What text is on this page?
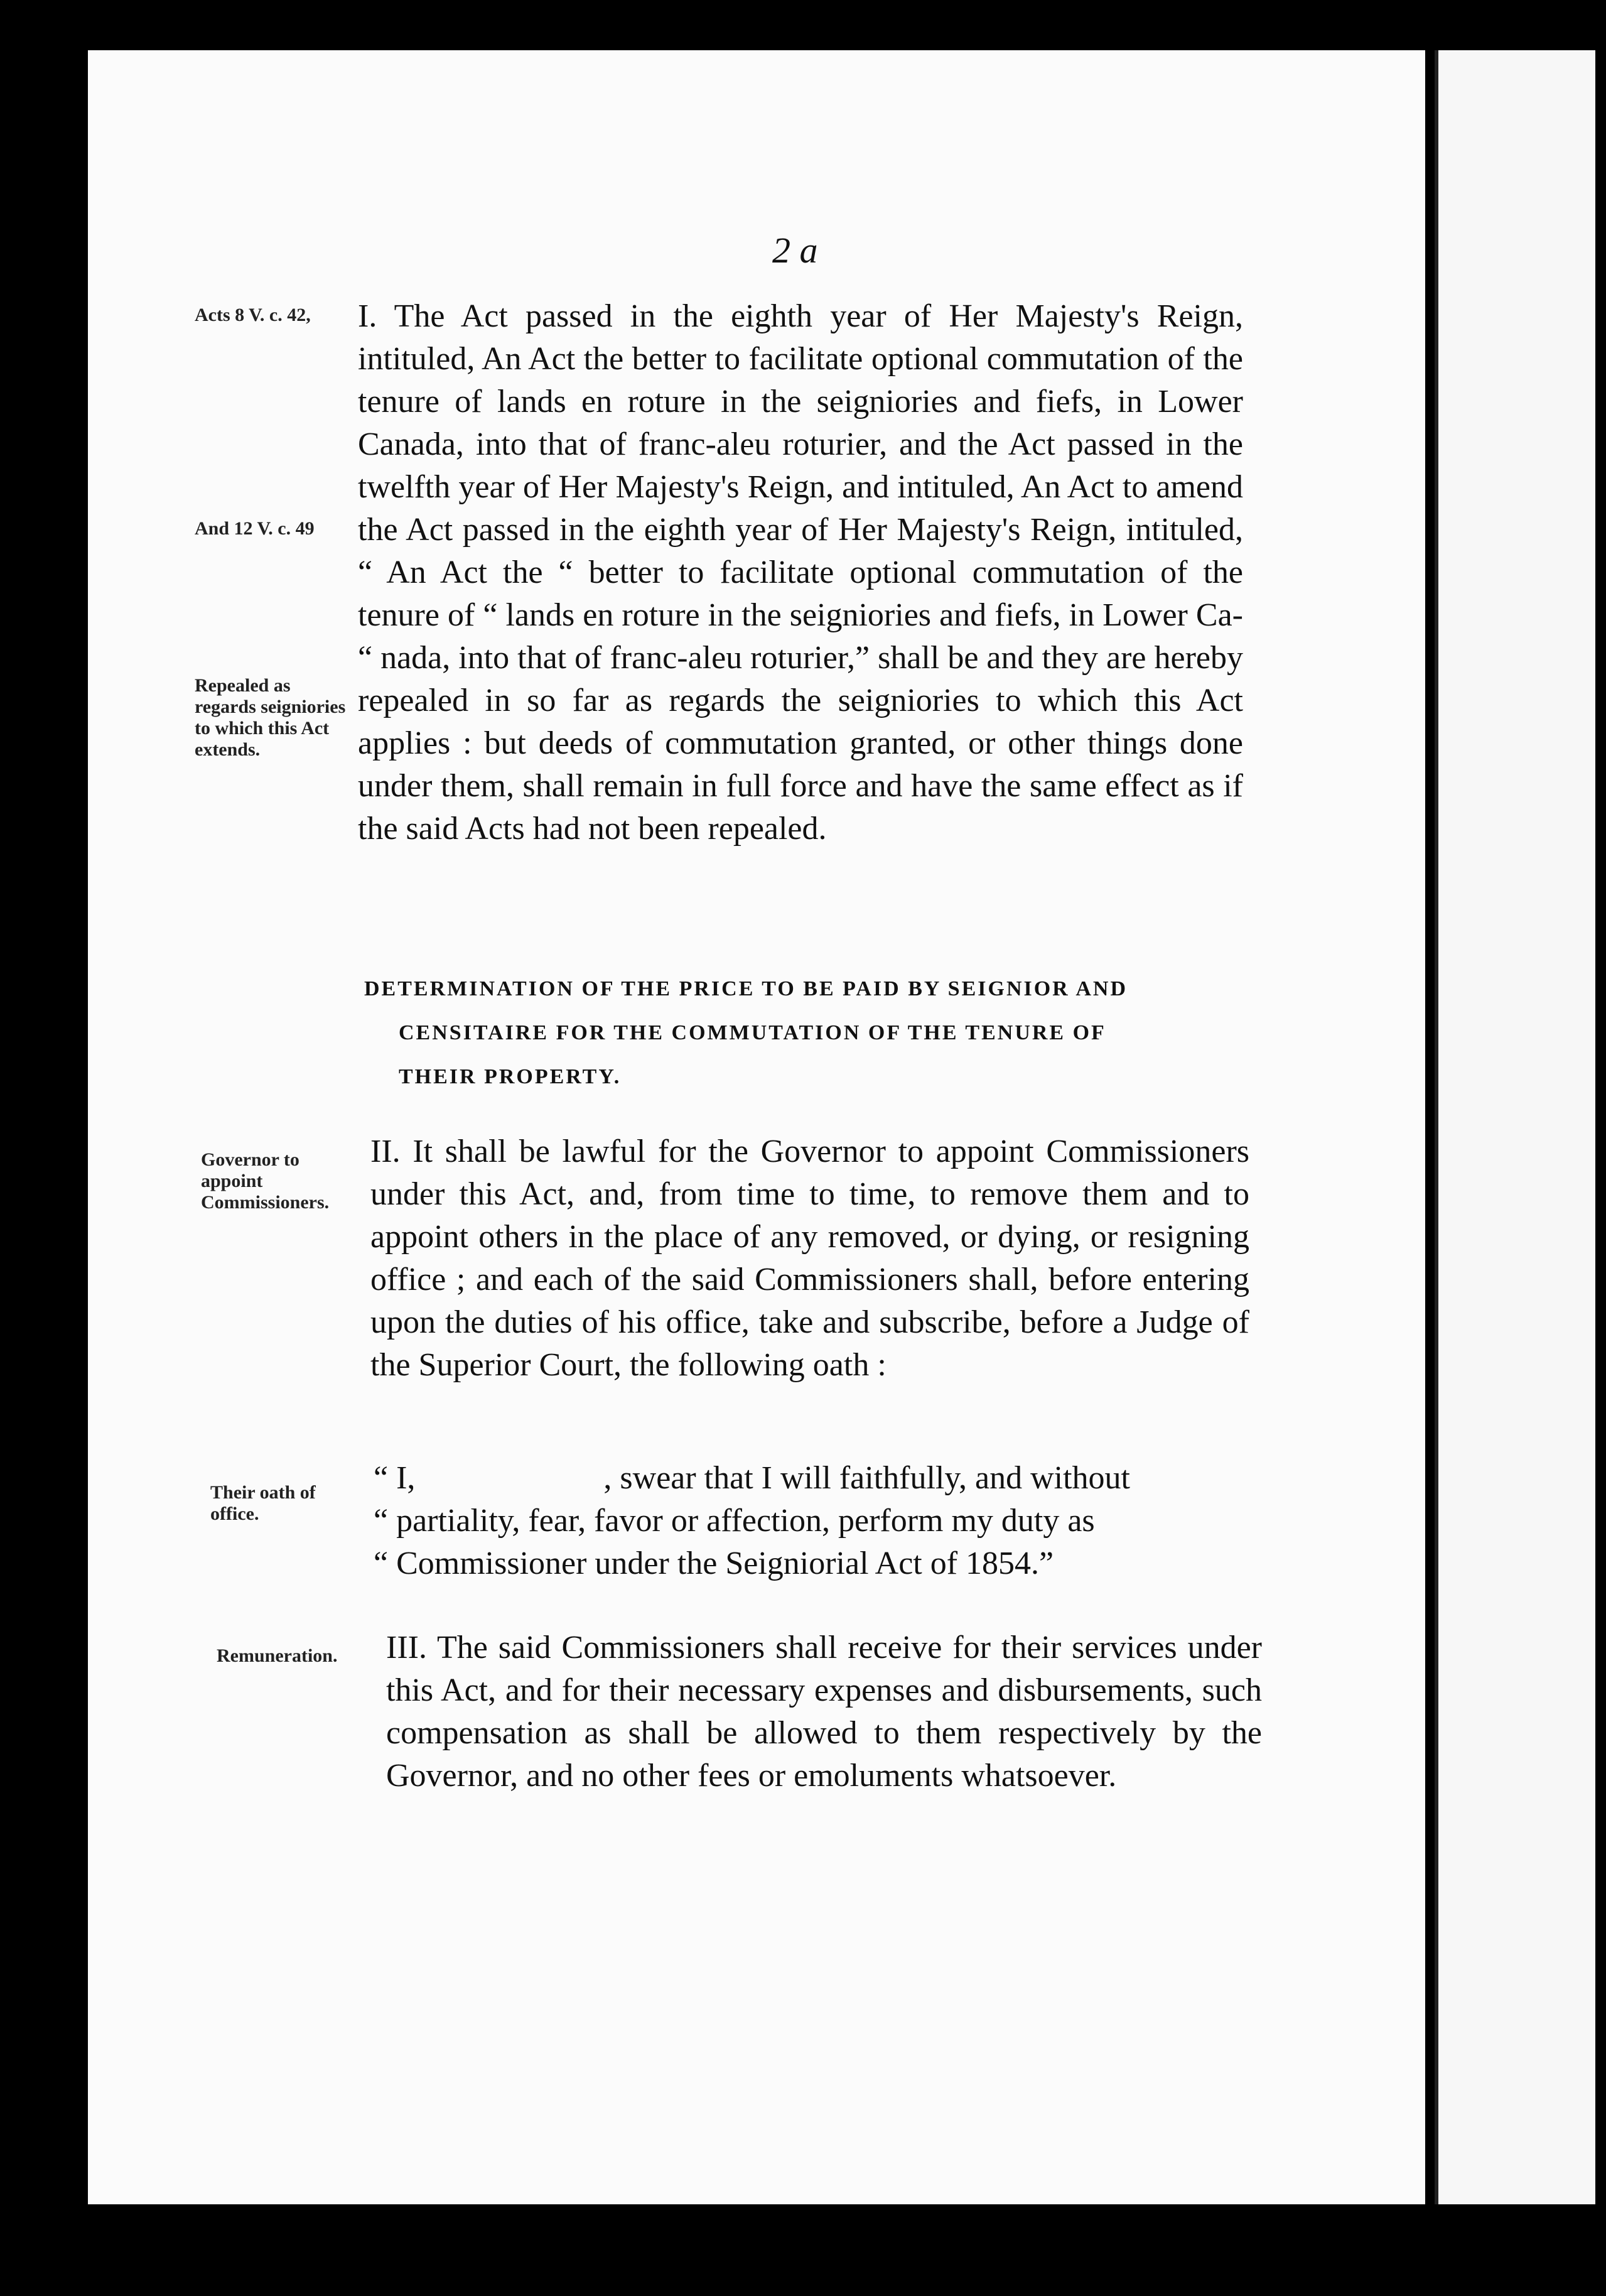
2 a
Acts 8 V. c. 42,
And 12 V. c. 49
Repealed as regards seigniories to which this Act extends.
Governor to appoint Commissioners.
Their oath of office.
Remuneration.

I. The Act passed in the eighth year of Her Majesty's Reign, intituled, An Act the better to facilitate optional commutation of the tenure of lands en roture in the seigniories and fiefs, in Lower Canada, into that of franc-aleu roturier, and the Act passed in the twelfth year of Her Majesty's Reign, and intituled, An Act to amend the Act passed in the eighth year of Her Majesty's Reign, intituled, “ An Act the “ better to facilitate optional commutation of the tenure of “ lands en roture in the seigniories and fiefs, in Lower Ca- “ nada, into that of franc-aleu roturier,” shall be and they are hereby repealed in so far as regards the seigniories to which this Act applies : but deeds of commutation granted, or other things done under them, shall remain in full force and have the same effect as if the said Acts had not been repealed.

DETERMINATION OF THE PRICE TO BE PAID BY SEIGNIOR AND
CENSITAIRE FOR THE COMMUTATION OF THE TENURE OF
THEIR PROPERTY.

II. It shall be lawful for the Governor to appoint Commissioners under this Act, and, from time to time, to remove them and to appoint others in the place of any removed, or dying, or resigning office ; and each of the said Commissioners shall, before entering upon the duties of his office, take and subscribe, before a Judge of the Superior Court, the following oath :

“ I,	, swear that I will faithfully, and without
“ partiality, fear, favor or affection, perform my duty as
“ Commissioner under the Seigniorial Act of 1854.”

III. The said Commissioners shall receive for their services under this Act, and for their necessary expenses and disbursements, such compensation as shall be allowed to them respectively by the Governor, and no other fees or emoluments whatsoever.
